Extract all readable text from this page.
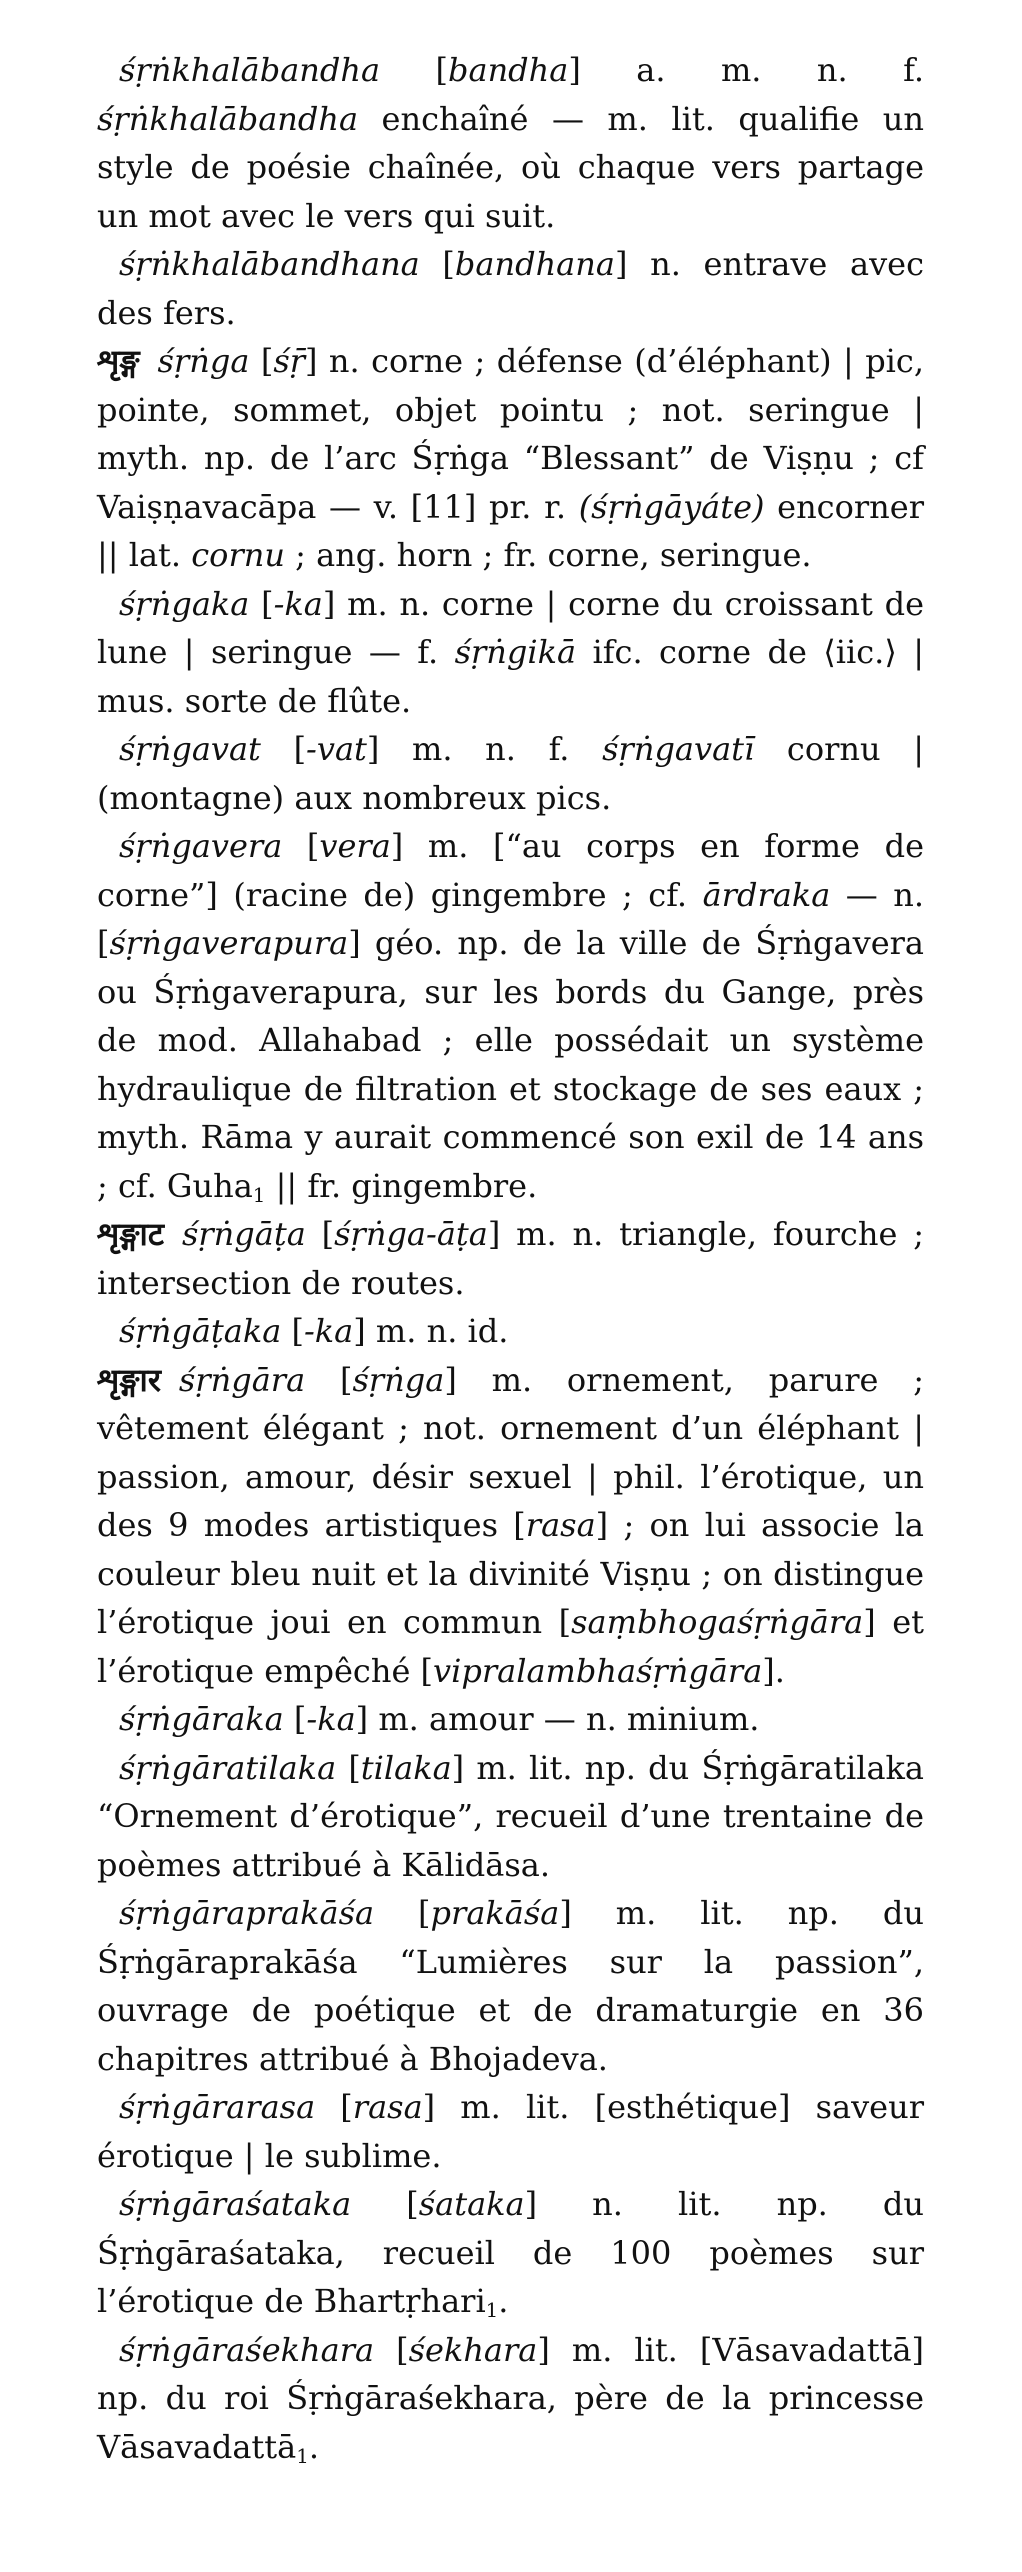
śṛṅkhalābandha [bandha] a. m. n. f. śṛṅkhalābandha enchaîné — m. lit. qualifie un style de poésie chaînée, où chaque vers partage un mot avec le vers qui suit.

śṛṅkhalābandhana [bandhana] n. entrave avec des fers.

शृङ्ग śṛṅga [śṝ] n. corne ; défense (d’éléphant) | pic, pointe, sommet, objet pointu ; not. seringue | myth. np. de l’arc Śṛṅga “Blessant” de Viṣṇu ; cf Vaiṣṇavacāpa — v. [11] pr. r. (śṛṅgāyáte) encorner || lat. cornu ; ang. horn ; fr. corne, seringue.

śṛṅgaka [-ka] m. n. corne | corne du croissant de lune | seringue — f. śṛṅgikā ifc. corne de ⟨iic.⟩ | mus. sorte de flûte.

śṛṅgavat [-vat] m. n. f. śṛṅgavatī cornu | (montagne) aux nombreux pics.

śṛṅgavera [vera] m. [“au corps en forme de corne”] (racine de) gingembre ; cf. ārdraka — n. [śṛṅgaverapura] géo. np. de la ville de Śṛṅgavera ou Śṛṅgaverapura, sur les bords du Gange, près de mod. Allahabad ; elle possédait un système hydraulique de filtration et stockage de ses eaux ; myth. Rāma y aurait commencé son exil de 14 ans ; cf. Guha$_1$ || fr. gingembre.

शृङ्गाट śṛṅgāṭa [śṛṅga-āṭa] m. n. triangle, fourche ; intersection de routes.

śṛṅgāṭaka [-ka] m. n. id.

शृङ्गार śṛṅgāra [śṛṅga] m. ornement, parure ; vêtement élégant ; not. ornement d’un éléphant | passion, amour, désir sexuel | phil. l’érotique, un des 9 modes artistiques [rasa] ; on lui associe la couleur bleu nuit et la divinité Viṣṇu ; on distingue l’érotique joui en commun [saṃbhogaśṛṅgāra] et l’érotique empêché [vipralambhaśṛṅgāra].

śṛṅgāraka [-ka] m. amour — n. minium.

śṛṅgāratilaka [tilaka] m. lit. np. du Śṛṅgāratilaka “Ornement d’érotique”, recueil d’une trentaine de poèmes attribué à Kālidāsa.

śṛṅgāraprakāśa [prakāśa] m. lit. np. du Śṛṅgāraprakāśa “Lumières sur la passion”, ouvrage de poétique et de dramaturgie en 36 chapitres attribué à Bhojadeva.

śṛṅgārarasa [rasa] m. lit. [esthétique] saveur érotique | le sublime.

śṛṅgāraśataka [śataka] n. lit. np. du Śṛṅgāraśataka, recueil de 100 poèmes sur l’érotique de Bhartṛhari$_1$.

śṛṅgāraśekhara [śekhara] m. lit. [Vāsavadattā] np. du roi Śṛṅgāraśekhara, père de la princesse Vāsavadattā$_1$.
